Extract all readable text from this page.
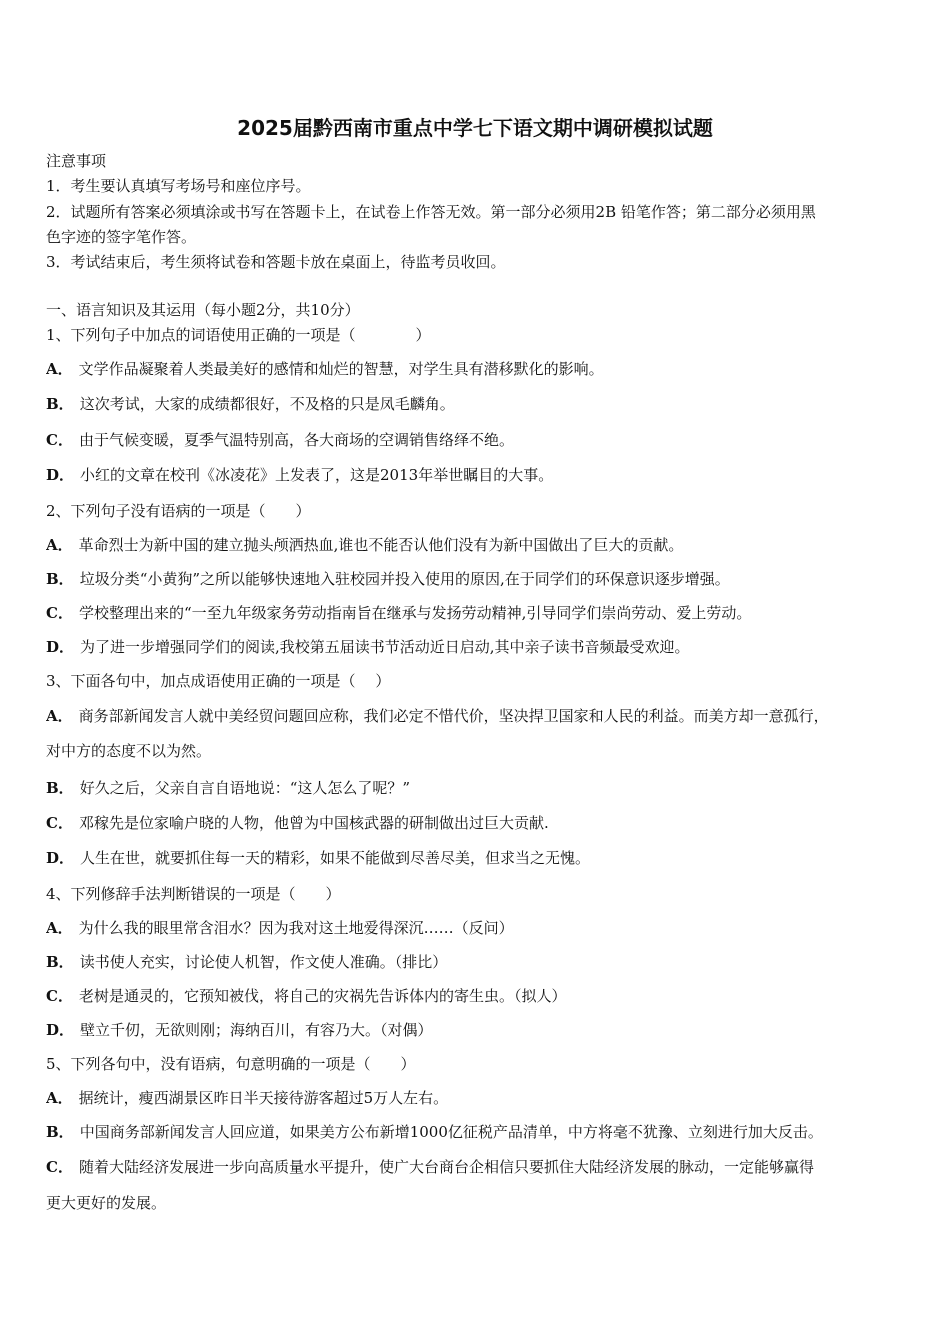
2025届黔西南市重点中学七下语文期中调研模拟试题
注意事项
1．考生要认真填写考场号和座位序号。
2．试题所有答案必须填涂或书写在答题卡上，在试卷上作答无效。第一部分必须用2B 铅笔作答；第二部分必须用黑
色字迹的签字笔作答。
3．考试结束后，考生须将试卷和答题卡放在桌面上，待监考员收回。
一、语言知识及其运用（每小题2分，共10分）
1、下列句子中加点的词语使用正确的一项是（　　　　）
A． 文学作品凝聚着人类最美好的感情和灿烂的智慧，对学生具有潜移默化的影响。
B． 这次考试，大家的成绩都很好，不及格的只是凤毛麟角。
C． 由于气候变暖，夏季气温特别高，各大商场的空调销售络绎不绝。
D． 小红的文章在校刊《冰凌花》上发表了，这是2013年举世瞩目的大事。
2、下列句子没有语病的一项是（　　）
A． 革命烈士为新中国的建立抛头颅洒热血,谁也不能否认他们没有为新中国做出了巨大的贡献。
B． 垃圾分类“小黄狗”之所以能够快速地入驻校园并投入使用的原因,在于同学们的环保意识逐步增强。
C． 学校整理出来的“一至九年级家务劳动指南旨在继承与发扬劳动精神,引导同学们崇尚劳动、爱上劳动。
D． 为了进一步增强同学们的阅读,我校第五届读书节活动近日启动,其中亲子读书音频最受欢迎。
3、下面各句中，加点成语使用正确的一项是（　 ）
A． 商务部新闻发言人就中美经贸问题回应称，我们必定不惜代价，坚决捍卫国家和人民的利益。而美方却一意孤行，
对中方的态度不以为然。
B． 好久之后，父亲自言自语地说：“这人怎么了呢？”
C． 邓稼先是位家喻户晓的人物，他曾为中国核武器的研制做出过巨大贡献.
D． 人生在世，就要抓住每一天的精彩，如果不能做到尽善尽美，但求当之无愧。
4、下列修辞手法判断错误的一项是（　　）
A． 为什么我的眼里常含泪水？因为我对这土地爱得深沉……（反问）
B． 读书使人充实，讨论使人机智，作文使人准确。（排比）
C． 老树是通灵的，它预知被伐，将自己的灾祸先告诉体内的寄生虫。（拟人）
D． 壁立千仞，无欲则刚；海纳百川，有容乃大。（对偶）
5、下列各句中，没有语病，句意明确的一项是（　　）
A． 据统计，瘦西湖景区昨日半天接待游客超过5万人左右。
B． 中国商务部新闻发言人回应道，如果美方公布新增1000亿征税产品清单，中方将毫不犹豫、立刻进行加大反击。
C． 随着大陆经济发展进一步向高质量水平提升，使广大台商台企相信只要抓住大陆经济发展的脉动，一定能够赢得
更大更好的发展。
